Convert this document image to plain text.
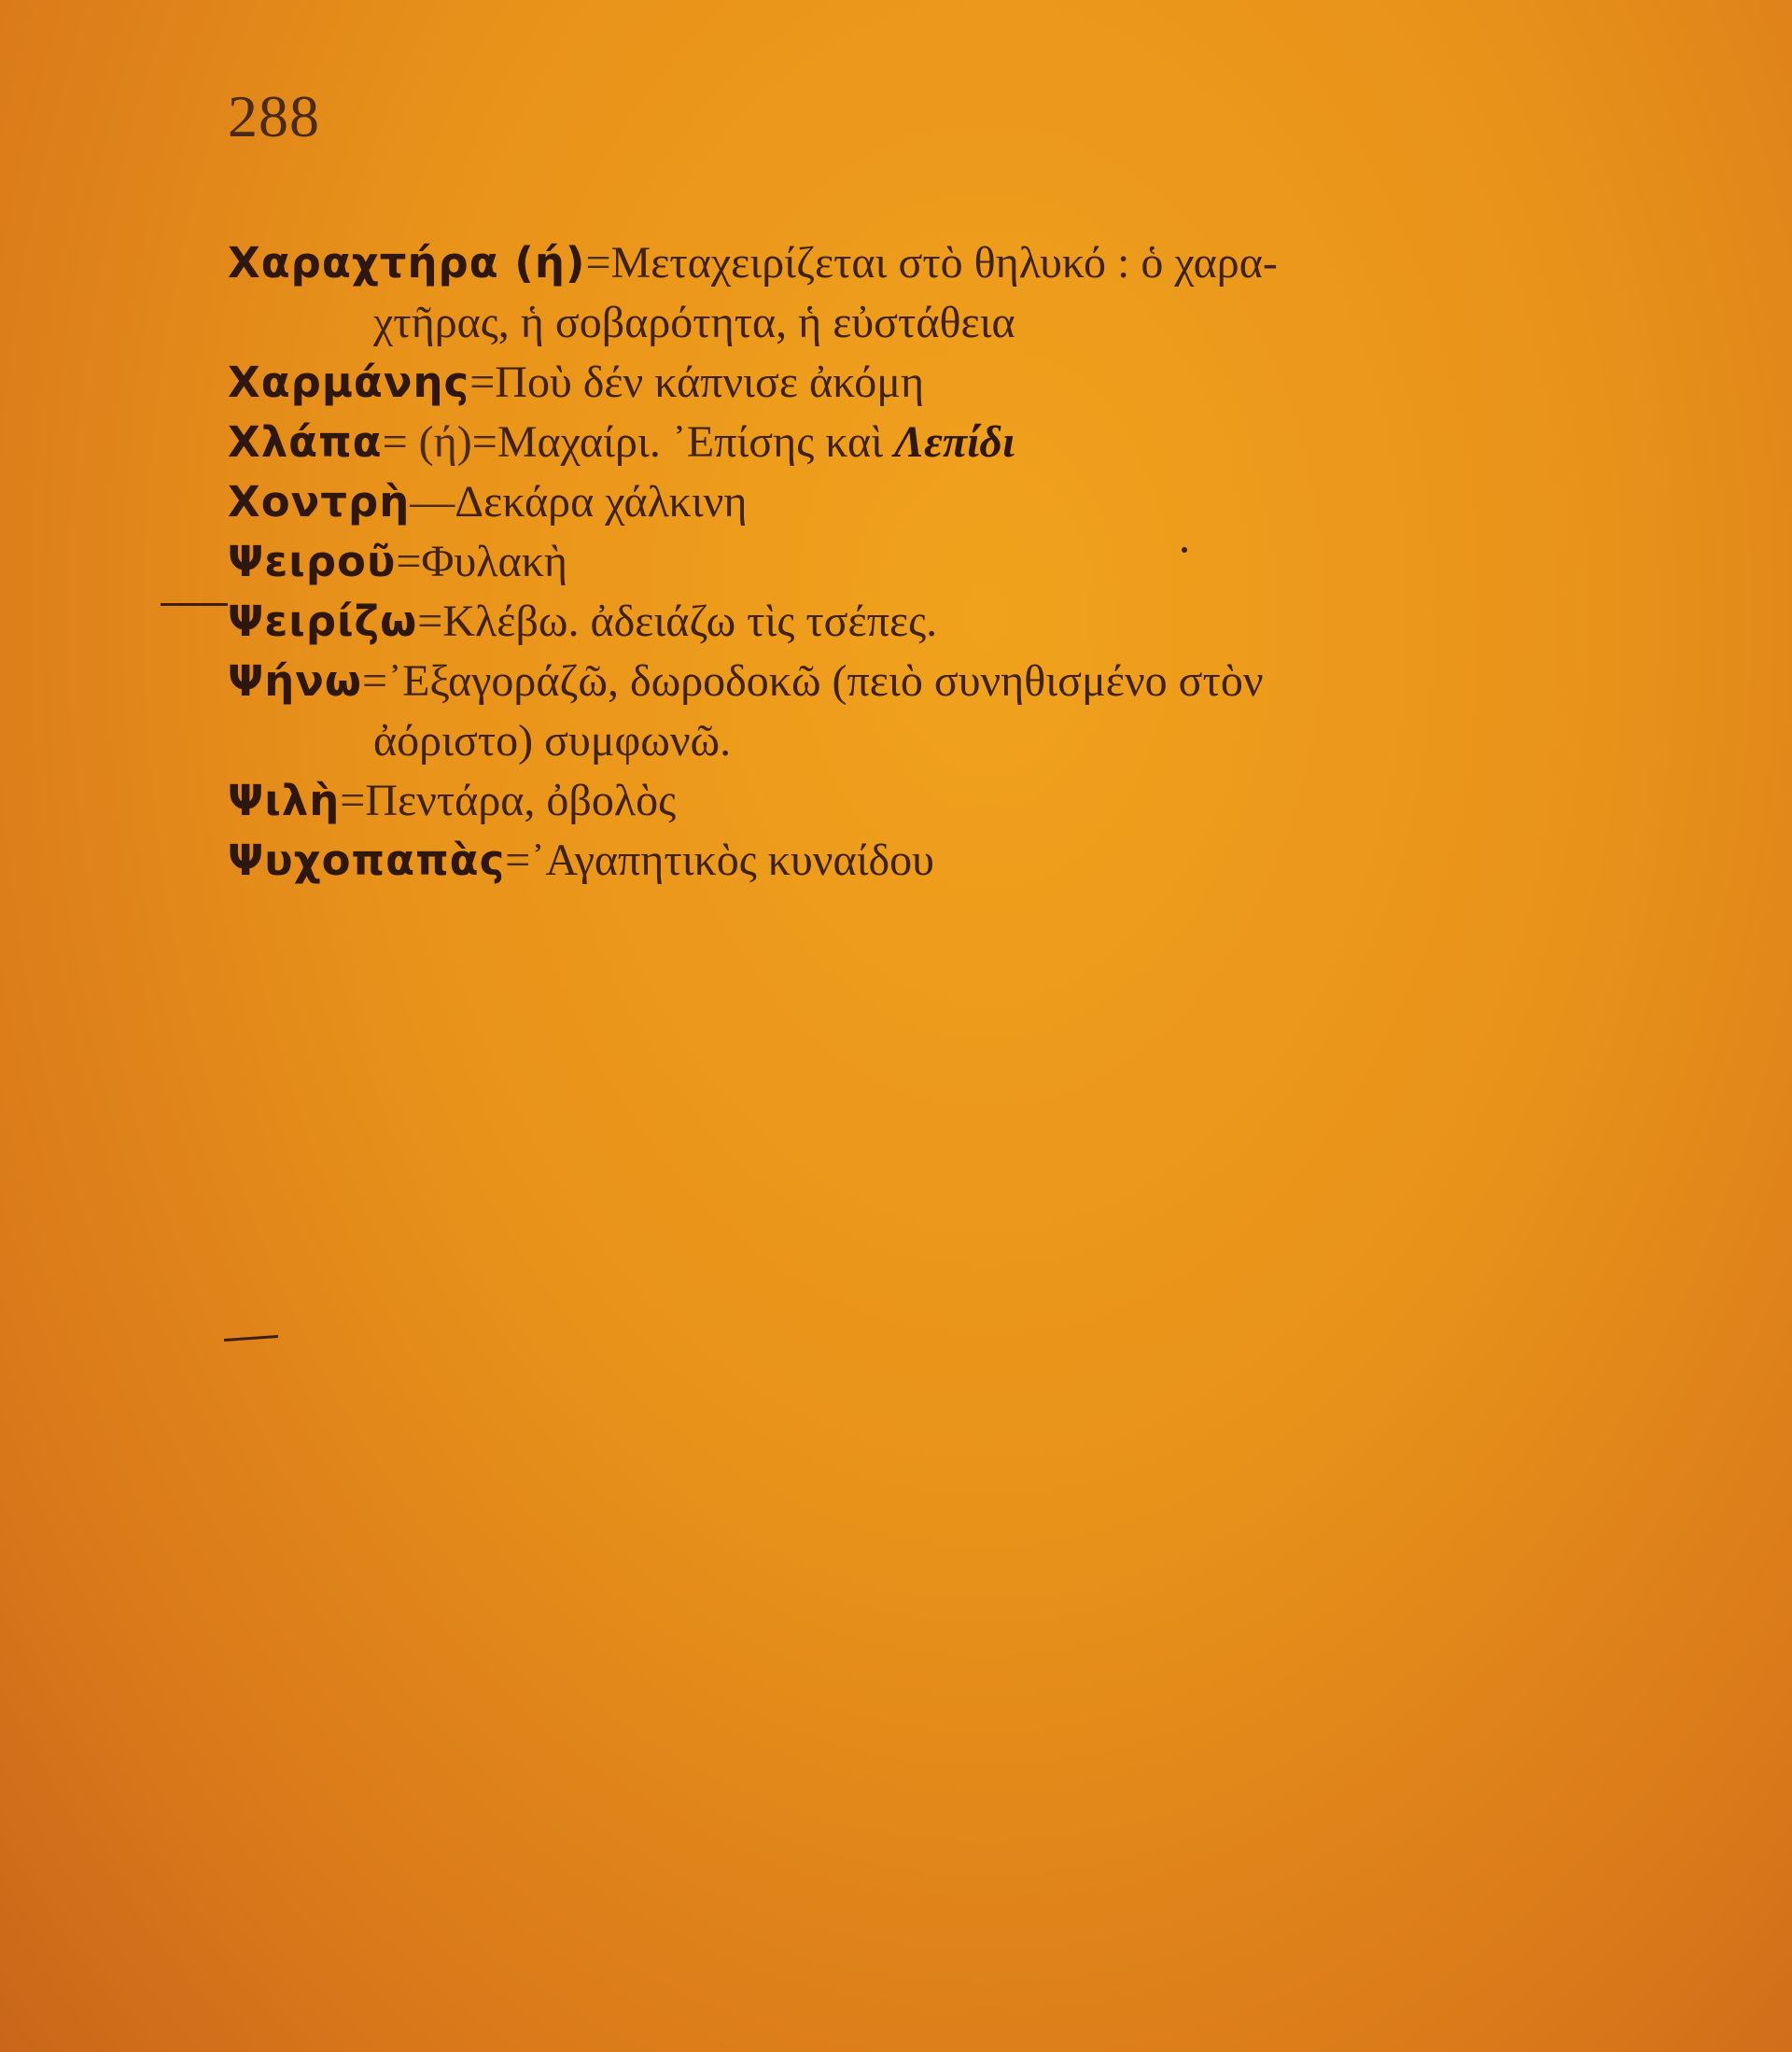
288
Χαραχτήρα (ή)=Μεταχειρίζεται στὸ θηλυκό : ὁ χαρα-
χτῆρας, ἡ σοβαρότητα, ἡ εὐστάθεια
Χαρμάνης=Ποὺ δέν κάπνισε ἀκόμη
Χλάπα= (ή)=Μαχαίρι. ᾿Επίσης καὶ Λεπίδι
Χοντρὴ—Δεκάρα χάλκινη
Ψειροῦ=Φυλακὴ
Ψειρίζω=Κλέβω. ἀδειάζω τὶς τσέπες.
Ψήνω=᾿Εξαγοράζῶ, δωροδοκῶ (πειὸ συνηθισμένο στὸν
ἀόριστο) συμφωνῶ.
Ψιλὴ=Πεντάρα, ὀβολὸς
Ψυχοπαπὰς=᾿Αγαπητικὸς κυναίδου
